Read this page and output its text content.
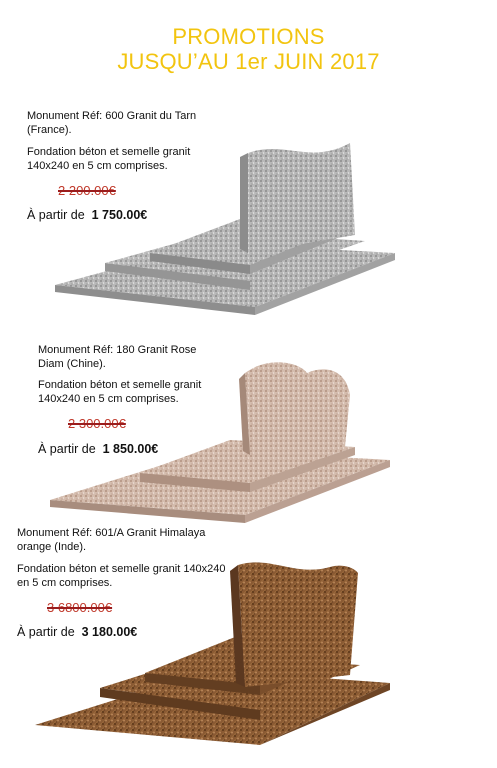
PROMOTIONS
JUSQU’AU 1er JUIN 2017
Monument Réf: 600 Granit du Tarn
(France).
Fondation béton et semelle granit
140x240 en 5 cm comprises.
2 200.00€
À partir de 1 750.00€
Monument Réf: 180 Granit Rose
Diam (Chine).
Fondation béton et semelle granit
140x240 en 5 cm comprises.
2 300.00€
À partir de 1 850.00€
Monument Réf: 601/A Granit Himalaya
orange (Inde).
Fondation béton et semelle granit 140x240
en 5 cm comprises.
3 6800.00€
À partir de 3 180.00€
